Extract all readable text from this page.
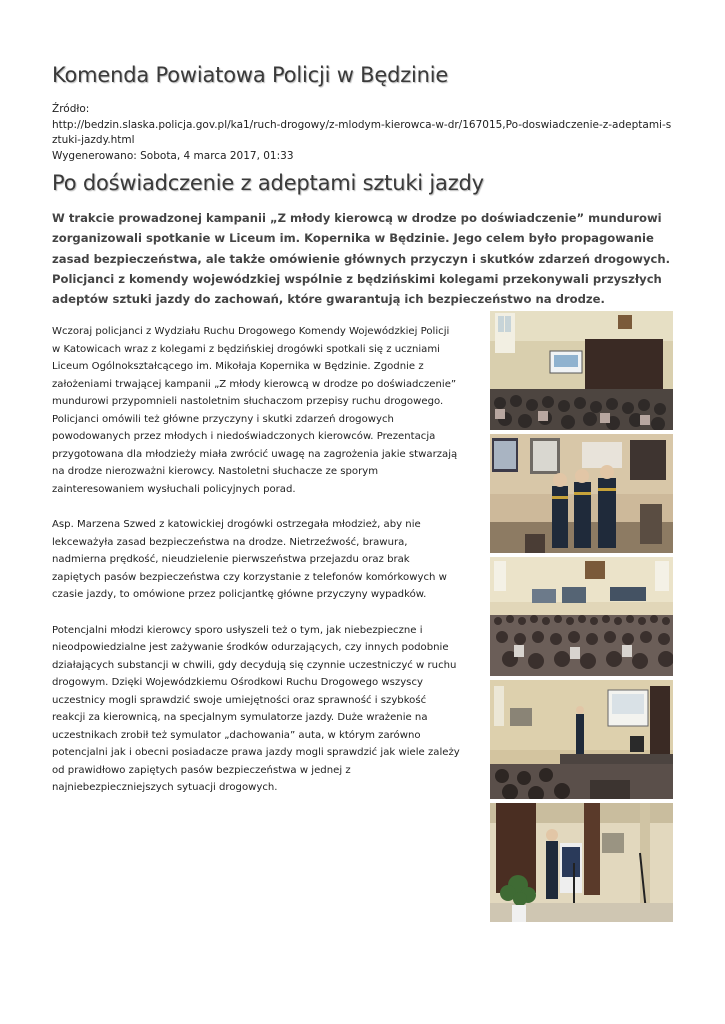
Komenda Powiatowa Policji w Będzinie
Źródło:
http://bedzin.slaska.policja.gov.pl/ka1/ruch-drogowy/z-mlodym-kierowca-w-dr/167015,Po-doswiadczenie-z-adeptami-sztuki-jazdy.html
Wygenerowano: Sobota, 4 marca 2017, 01:33
Po doświadczenie z adeptami sztuki jazdy

W trakcie prowadzonej kampanii „Z młody kierowcą w drodze po doświadczenie” mundurowi zorganizowali spotkanie w Liceum im. Kopernika w Będzinie. Jego celem było propagowanie zasad bezpieczeństwa, ale także omówienie głównych przyczyn i skutków zdarzeń drogowych. Policjanci z komendy wojewódzkiej wspólnie z będzińskimi kolegami przekonywali przyszłych adeptów sztuki jazdy do zachowań, które gwarantują ich bezpieczeństwo na drodze.

Wczoraj policjanci z Wydziału Ruchu Drogowego Komendy Wojewódzkiej Policji w Katowicach wraz z kolegami z będzińskiej drogówki spotkali się z uczniami Liceum Ogólnokształcącego im. Mikołaja Kopernika w Będzinie. Zgodnie z założeniami trwającej kampanii „Z młody kierowcą w drodze po doświadczenie” mundurowi przypomnieli nastoletnim słuchaczom przepisy ruchu drogowego. Policjanci omówili też główne przyczyny i skutki zdarzeń drogowych powodowanych przez młodych i niedoświadczonych kierowców. Prezentacja przygotowana dla młodzieży miała zwrócić uwagę na zagrożenia jakie stwarzają na drodze nierozważni kierowcy. Nastoletni słuchacze ze sporym zainteresowaniem wysłuchali policyjnych porad.

Asp. Marzena Szwed z katowickiej drogówki ostrzegała młodzież, aby nie lekceważyła zasad bezpieczeństwa na drodze. Nietrzeźwość, brawura, nadmierna prędkość, nieudzielenie pierwszeństwa przejazdu oraz brak zapiętych pasów bezpieczeństwa czy korzystanie z telefonów komórkowych w czasie jazdy, to omówione przez policjantkę główne przyczyny wypadków.

Potencjalni młodzi kierowcy sporo usłyszeli też o tym, jak niebezpieczne i nieodpowiedzialne jest zażywanie środków odurzających, czy innych podobnie działających substancji w chwili, gdy decydują się czynnie uczestniczyć w ruchu drogowym. Dzięki Wojewódzkiemu Ośrodkowi Ruchu Drogowego wszyscy uczestnicy mogli sprawdzić swoje umiejętności oraz sprawność i szybkość reakcji za kierownicą, na specjalnym symulatorze jazdy. Duże wrażenie na uczestnikach zrobił też symulator „dachowania” auta, w którym zarówno potencjalni jak i obecni posiadacze prawa jazdy mogli sprawdzić jak wiele zależy od prawidłowo zapiętych pasów bezpieczeństwa w jednej z najniebezpieczniejszych sytuacji drogowych.
